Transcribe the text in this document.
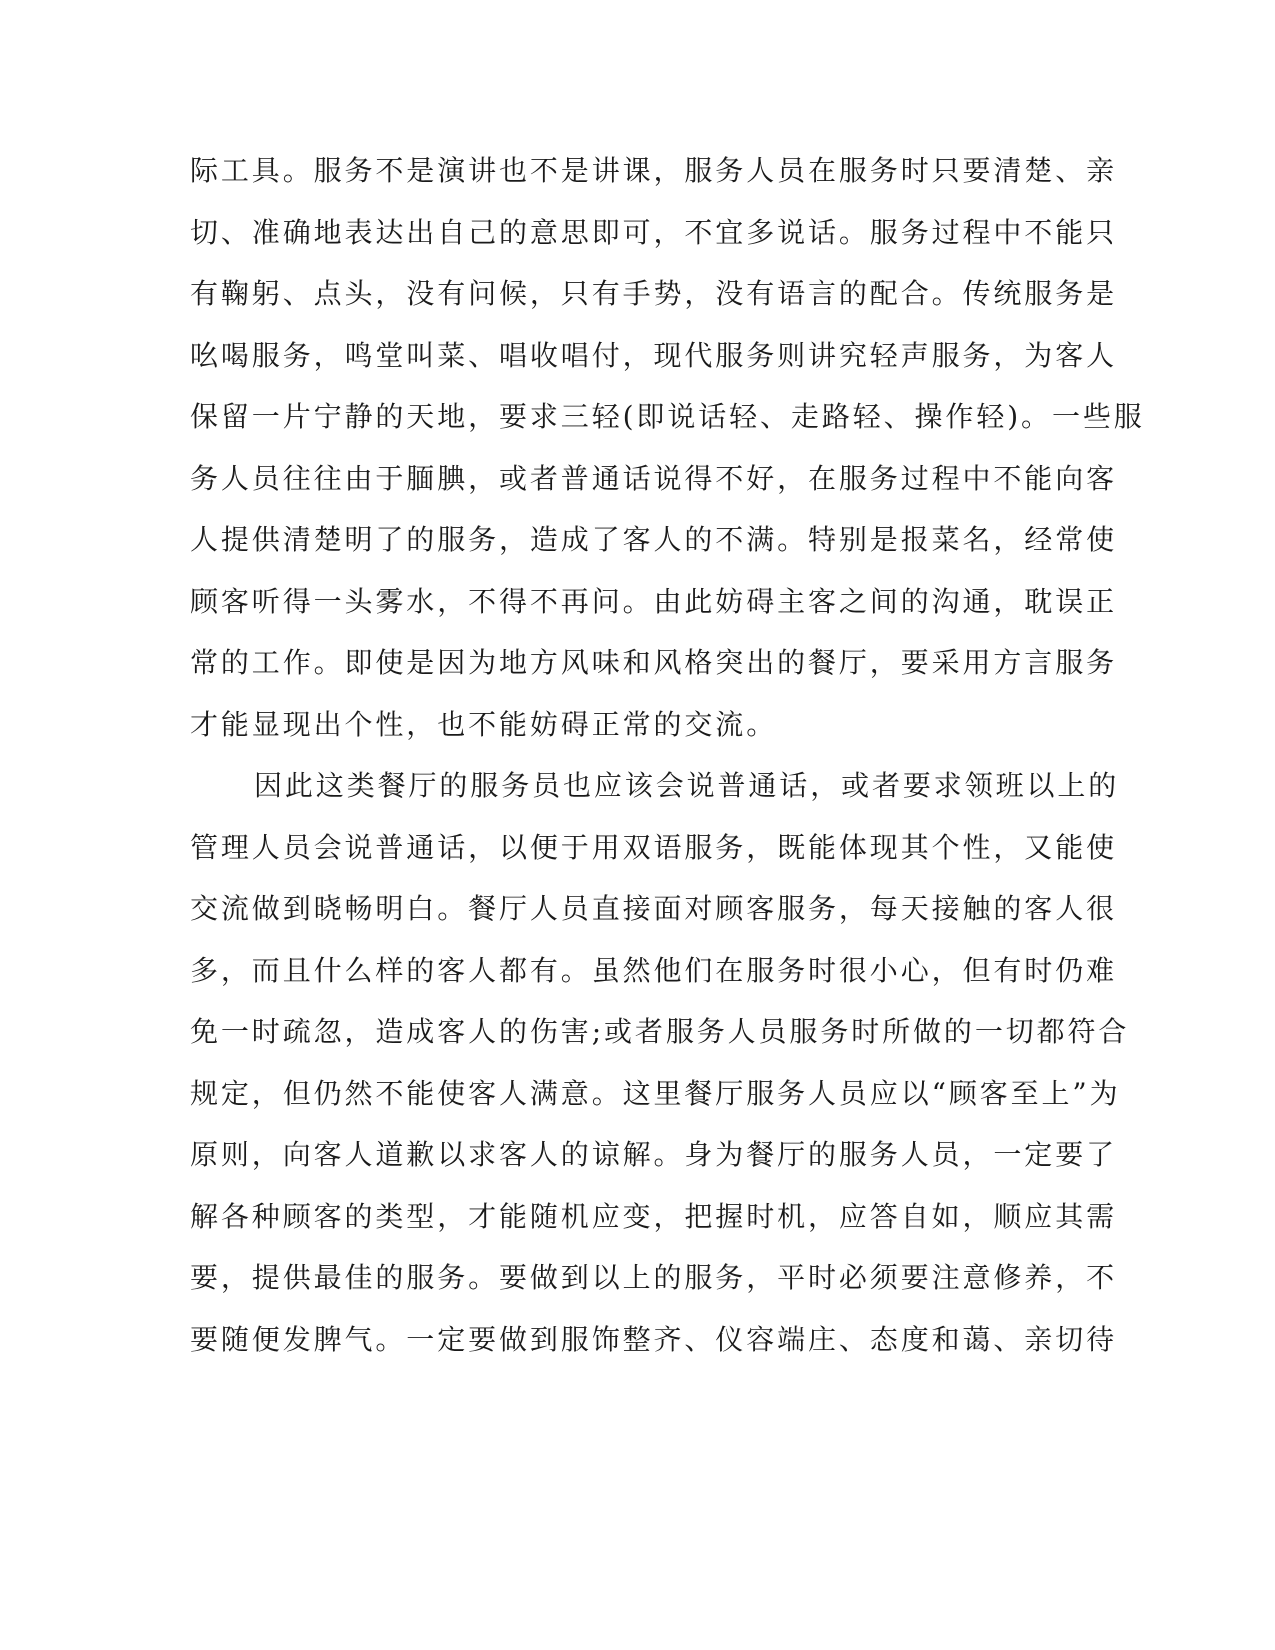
际工具。服务不是演讲也不是讲课，服务人员在服务时只要清楚、亲
切、准确地表达出自己的意思即可，不宜多说话。服务过程中不能只
有鞠躬、点头，没有问候，只有手势，没有语言的配合。传统服务是
吆喝服务，鸣堂叫菜、唱收唱付，现代服务则讲究轻声服务，为客人
保留一片宁静的天地，要求三轻(即说话轻、走路轻、操作轻)。一些服
务人员往往由于腼腆，或者普通话说得不好，在服务过程中不能向客
人提供清楚明了的服务，造成了客人的不满。特别是报菜名，经常使
顾客听得一头雾水，不得不再问。由此妨碍主客之间的沟通，耽误正
常的工作。即使是因为地方风味和风格突出的餐厅，要采用方言服务
才能显现出个性，也不能妨碍正常的交流。
因此这类餐厅的服务员也应该会说普通话，或者要求领班以上的
管理人员会说普通话，以便于用双语服务，既能体现其个性，又能使
交流做到晓畅明白。餐厅人员直接面对顾客服务，每天接触的客人很
多，而且什么样的客人都有。虽然他们在服务时很小心，但有时仍难
免一时疏忽，造成客人的伤害;或者服务人员服务时所做的一切都符合
规定，但仍然不能使客人满意。这里餐厅服务人员应以“顾客至上”为
原则，向客人道歉以求客人的谅解。身为餐厅的服务人员，一定要了
解各种顾客的类型，才能随机应变，把握时机，应答自如，顺应其需
要，提供最佳的服务。要做到以上的服务，平时必须要注意修养，不
要随便发脾气。一定要做到服饰整齐、仪容端庄、态度和蔼、亲切待
